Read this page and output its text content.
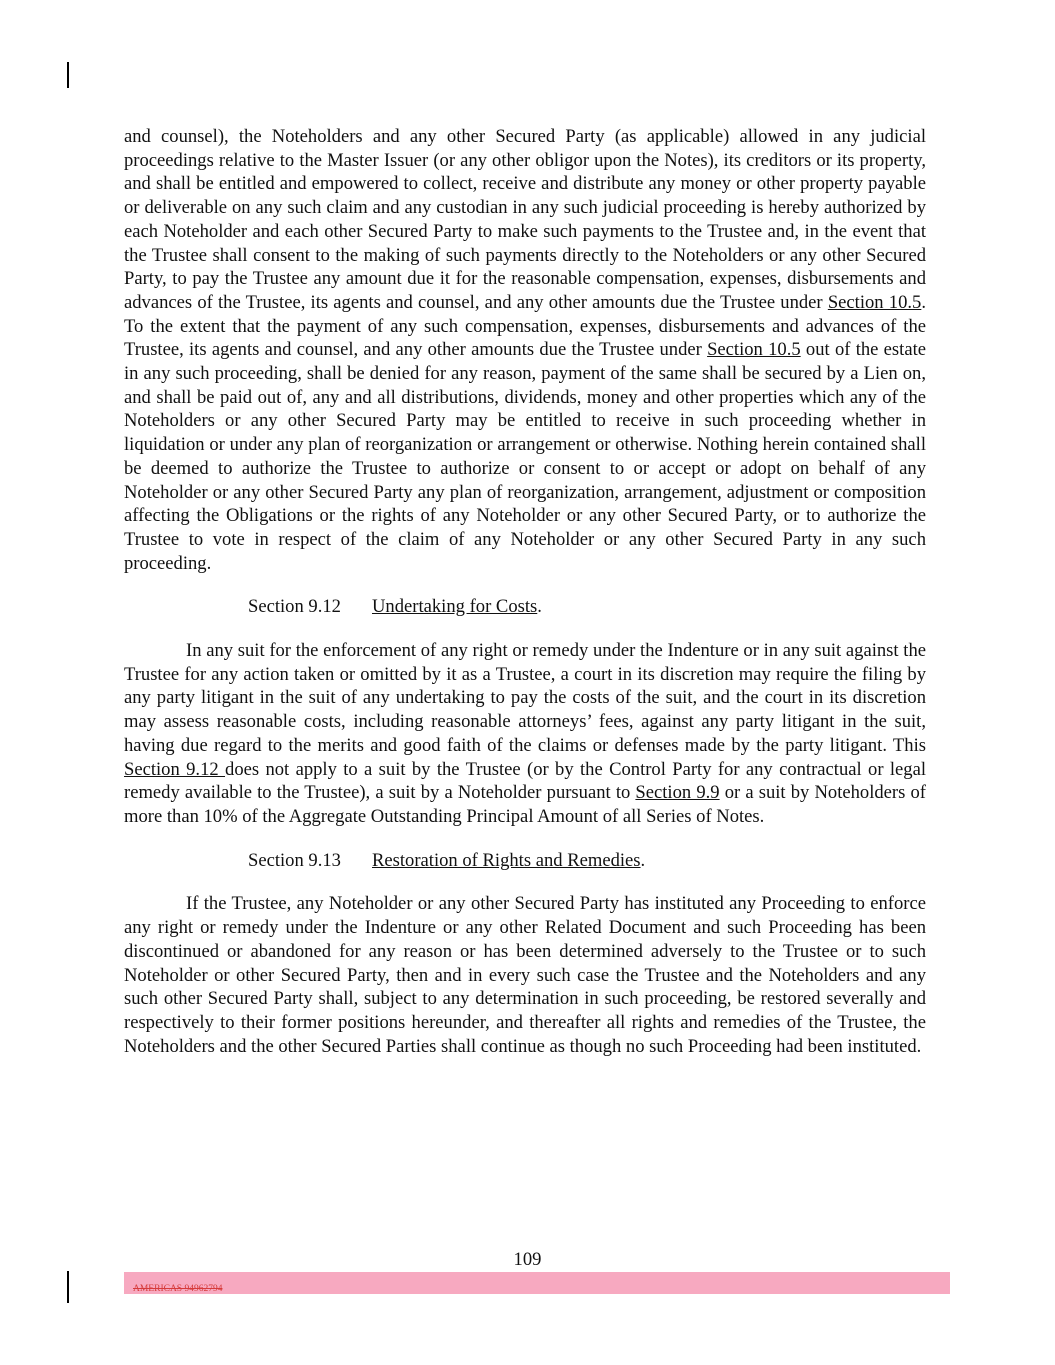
and counsel), the Noteholders and any other Secured Party (as applicable) allowed in any judicial proceedings relative to the Master Issuer (or any other obligor upon the Notes), its creditors or its property, and shall be entitled and empowered to collect, receive and distribute any money or other property payable or deliverable on any such claim and any custodian in any such judicial proceeding is hereby authorized by each Noteholder and each other Secured Party to make such payments to the Trustee and, in the event that the Trustee shall consent to the making of such payments directly to the Noteholders or any other Secured Party, to pay the Trustee any amount due it for the reasonable compensation, expenses, disbursements and advances of the Trustee, its agents and counsel, and any other amounts due the Trustee under Section 10.5. To the extent that the payment of any such compensation, expenses, disbursements and advances of the Trustee, its agents and counsel, and any other amounts due the Trustee under Section 10.5 out of the estate in any such proceeding, shall be denied for any reason, payment of the same shall be secured by a Lien on, and shall be paid out of, any and all distributions, dividends, money and other properties which any of the Noteholders or any other Secured Party may be entitled to receive in such proceeding whether in liquidation or under any plan of reorganization or arrangement or otherwise. Nothing herein contained shall be deemed to authorize the Trustee to authorize or consent to or accept or adopt on behalf of any Noteholder or any other Secured Party any plan of reorganization, arrangement, adjustment or composition affecting the Obligations or the rights of any Noteholder or any other Secured Party, or to authorize the Trustee to vote in respect of the claim of any Noteholder or any other Secured Party in any such proceeding.

Section 9.12 Undertaking for Costs.

In any suit for the enforcement of any right or remedy under the Indenture or in any suit against the Trustee for any action taken or omitted by it as a Trustee, a court in its discretion may require the filing by any party litigant in the suit of any undertaking to pay the costs of the suit, and the court in its discretion may assess reasonable costs, including reasonable attorneys’ fees, against any party litigant in the suit, having due regard to the merits and good faith of the claims or defenses made by the party litigant. This Section 9.12 does not apply to a suit by the Trustee (or by the Control Party for any contractual or legal remedy available to the Trustee), a suit by a Noteholder pursuant to Section 9.9 or a suit by Noteholders of more than 10% of the Aggregate Outstanding Principal Amount of all Series of Notes.

Section 9.13 Restoration of Rights and Remedies.

If the Trustee, any Noteholder or any other Secured Party has instituted any Proceeding to enforce any right or remedy under the Indenture or any other Related Document and such Proceeding has been discontinued or abandoned for any reason or has been determined adversely to the Trustee or to such Noteholder or other Secured Party, then and in every such case the Trustee and the Noteholders and any such other Secured Party shall, subject to any determination in such proceeding, be restored severally and respectively to their former positions hereunder, and thereafter all rights and remedies of the Trustee, the Noteholders and the other Secured Parties shall continue as though no such Proceeding had been instituted.

109
AMERICAS 94962794
